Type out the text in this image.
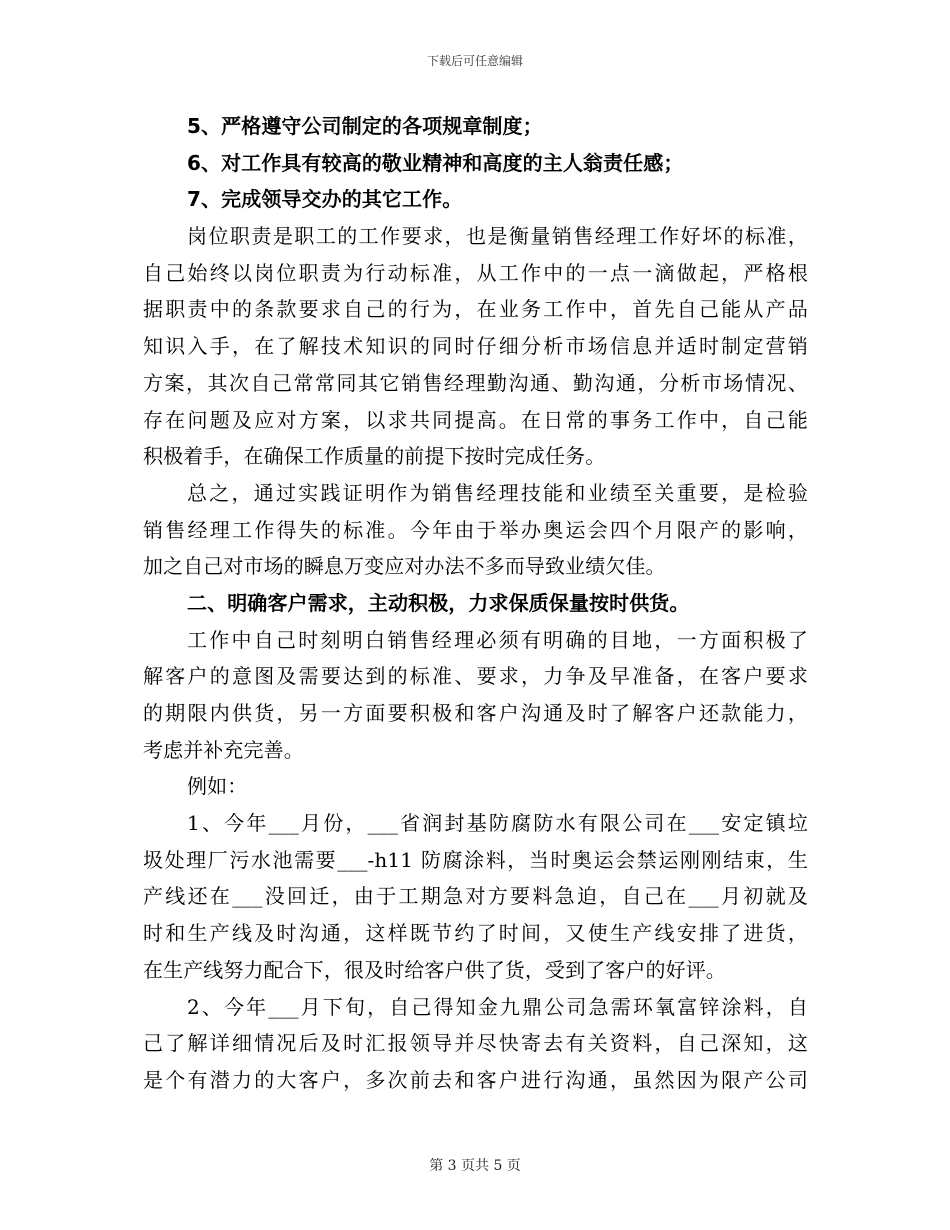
下载后可任意编辑
5、严格遵守公司制定的各项规章制度；
6、对工作具有较高的敬业精神和高度的主人翁责任感；
7、完成领导交办的其它工作。
岗位职责是职工的工作要求，也是衡量销售经理工作好坏的标准，
自己始终以岗位职责为行动标准，从工作中的一点一滴做起，严格根
据职责中的条款要求自己的行为，在业务工作中，首先自己能从产品
知识入手，在了解技术知识的同时仔细分析市场信息并适时制定营销
方案，其次自己常常同其它销售经理勤沟通、勤沟通，分析市场情况、
存在问题及应对方案，以求共同提高。在日常的事务工作中，自己能
积极着手，在确保工作质量的前提下按时完成任务。
总之，通过实践证明作为销售经理技能和业绩至关重要，是检验
销售经理工作得失的标准。今年由于举办奥运会四个月限产的影响，
加之自己对市场的瞬息万变应对办法不多而导致业绩欠佳。
二、明确客户需求，主动积极，力求保质保量按时供货。
工作中自己时刻明白销售经理必须有明确的目地，一方面积极了
解客户的意图及需要达到的标准、要求，力争及早准备，在客户要求
的期限内供货，另一方面要积极和客户沟通及时了解客户还款能力，
考虑并补充完善。
例如：
1、今年___月份，___省润封基防腐防水有限公司在___安定镇垃
圾处理厂污水池需要___-h11 防腐涂料，当时奥运会禁运刚刚结束，生
产线还在___没回迁，由于工期急对方要料急迫，自己在___月初就及
时和生产线及时沟通，这样既节约了时间，又使生产线安排了进货，
在生产线努力配合下，很及时给客户供了货，受到了客户的好评。
2、今年___月下旬，自己得知金九鼎公司急需环氧富锌涂料，自
己了解详细情况后及时汇报领导并尽快寄去有关资料，自己深知，这
是个有潜力的大客户，多次前去和客户进行沟通，虽然因为限产公司
第 3 页共 5 页
